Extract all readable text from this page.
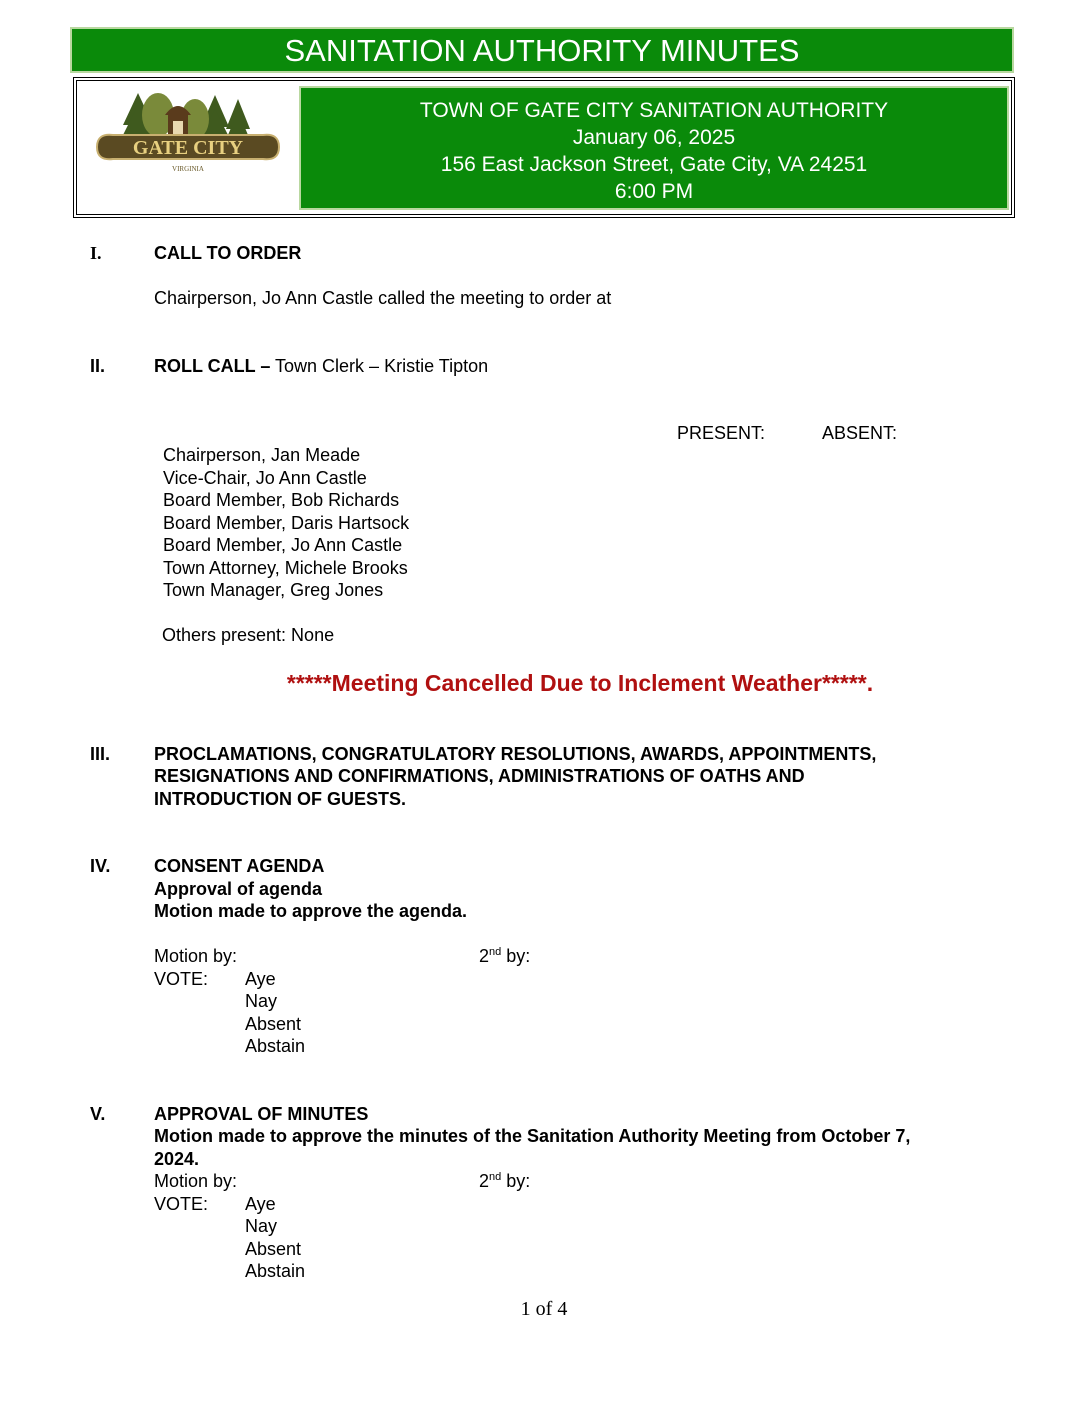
SANITATION AUTHORITY MINUTES
GATE CITY
VIRGINIA
TOWN OF GATE CITY SANITATION AUTHORITY
January 06, 2025
156 East Jackson Street, Gate City, VA 24251
6:00 PM
I.	CALL TO ORDER
Chairperson, Jo Ann Castle called the meeting to order at
II.	ROLL CALL – Town Clerk – Kristie Tipton
PRESENT:	ABSENT:
Chairperson, Jan Meade
Vice-Chair, Jo Ann Castle
Board Member, Bob Richards
Board Member, Daris Hartsock
Board Member, Jo Ann Castle
Town Attorney, Michele Brooks
Town Manager, Greg Jones
Others present: None
*****Meeting Cancelled Due to Inclement Weather*****.
III. PROCLAMATIONS, CONGRATULATORY RESOLUTIONS, AWARDS, APPOINTMENTS,
RESIGNATIONS AND CONFIRMATIONS, ADMINISTRATIONS OF OATHS AND
INTRODUCTION OF GUESTS.
IV. CONSENT AGENDA
Approval of agenda
Motion made to approve the agenda.
Motion by:	2nd by:
VOTE: Aye
Nay
Absent
Abstain
V.	APPROVAL OF MINUTES
Motion made to approve the minutes of the Sanitation Authority Meeting from October 7,
2024.
Motion by:	2nd by:
VOTE: Aye
Nay
Absent
Abstain
1 of 4
